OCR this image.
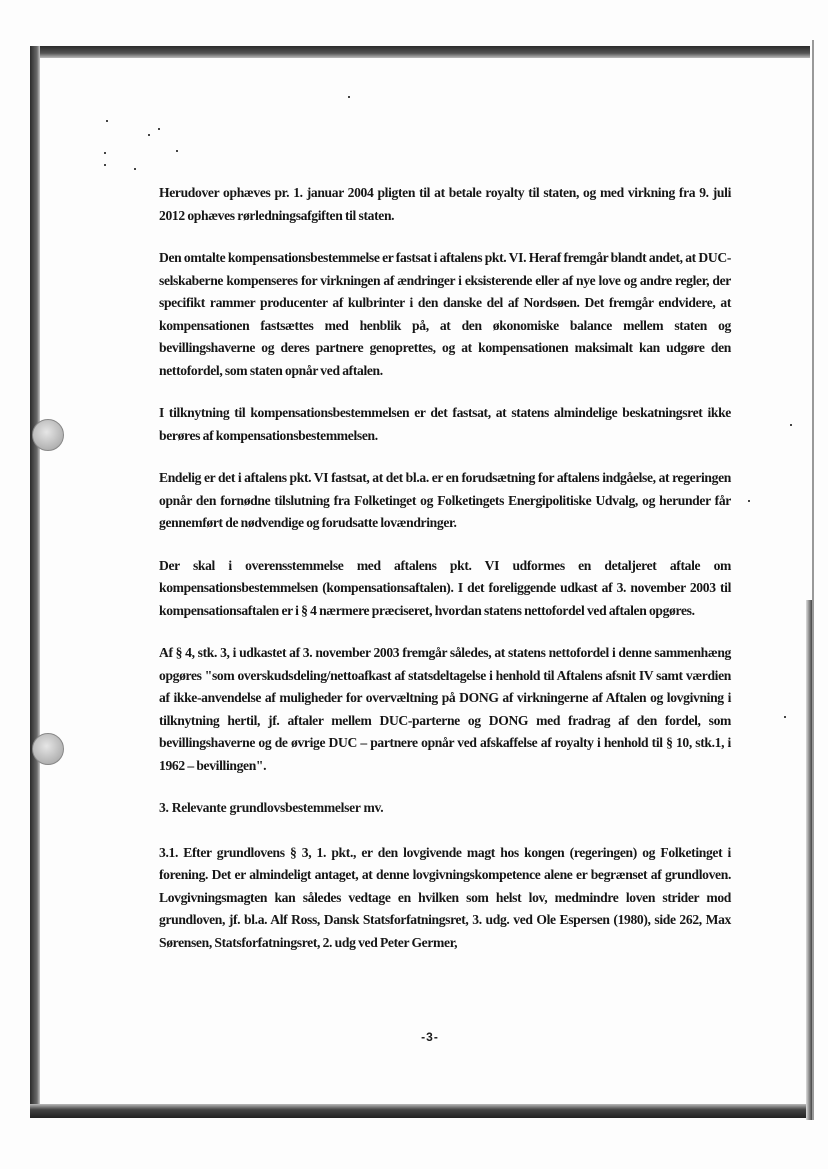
Herudover ophæves pr. 1. januar 2004 pligten til at betale royalty til staten, og med virkning fra 9. juli 2012 ophæves rørledningsafgiften til staten.

Den omtalte kompensationsbestemmelse er fastsat i aftalens pkt. VI. Heraf fremgår blandt andet, at DUC-selskaberne kompenseres for virkningen af ændringer i eksisterende eller af nye love og andre regler, der specifikt rammer producenter af kulbrinter i den danske del af Nordsøen. Det fremgår endvidere, at kompensationen fastsættes med henblik på, at den økonomiske balance mellem staten og bevillingshaverne og deres partnere genoprettes, og at kompensationen maksimalt kan udgøre den nettofordel, som staten opnår ved aftalen.

I tilknytning til kompensationsbestemmelsen er det fastsat, at statens almindelige beskatningsret ikke berøres af kompensationsbestemmelsen.

Endelig er det i aftalens pkt. VI fastsat, at det bl.a. er en forudsætning for aftalens indgåelse, at regeringen opnår den fornødne tilslutning fra Folketinget og Folketingets Energipolitiske Udvalg, og herunder får gennemført de nødvendige og forudsatte lovændringer.

Der skal i overensstemmelse med aftalens pkt. VI udformes en detaljeret aftale om kompensationsbestemmelsen (kompensationsaftalen). I det foreliggende udkast af 3. november 2003 til kompensationsaftalen er i § 4 nærmere præciseret, hvordan statens nettofordel ved aftalen opgøres.

Af § 4, stk. 3, i udkastet af 3. november 2003 fremgår således, at statens nettofordel i denne sammenhæng opgøres "som overskudsdeling/nettoafkast af statsdeltagelse i henhold til Aftalens afsnit IV samt værdien af ikke-anvendelse af muligheder for overvæltning på DONG af virkningerne af Aftalen og lovgivning i tilknytning hertil, jf. aftaler mellem DUC-parterne og DONG med fradrag af den fordel, som bevillingshaverne og de øvrige DUC – partnere opnår ved afskaffelse af royalty i henhold til § 10, stk.1, i 1962 – bevillingen".

3. Relevante grundlovsbestemmelser mv.

3.1. Efter grundlovens § 3, 1. pkt., er den lovgivende magt hos kongen (regeringen) og Folketinget i forening. Det er almindeligt antaget, at denne lovgivningskompetence alene er begrænset af grundloven. Lovgivningsmagten kan således vedtage en hvilken som helst lov, medmindre loven strider mod grundloven, jf. bl.a. Alf Ross, Dansk Statsforfatningsret, 3. udg. ved Ole Espersen (1980), side 262, Max Sørensen, Statsforfatningsret, 2. udg ved Peter Germer,

-3-
